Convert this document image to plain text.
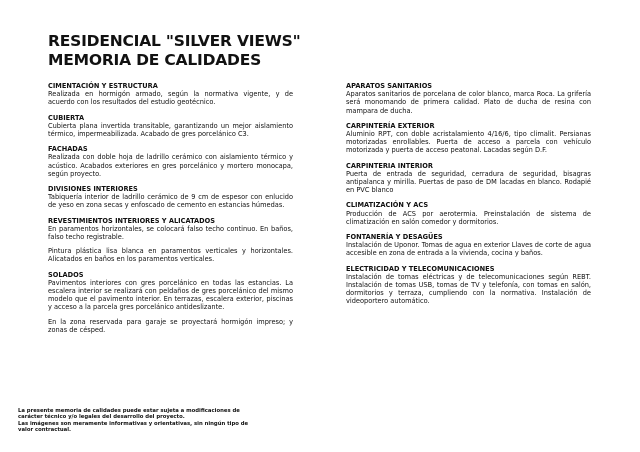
RESIDENCIAL "SILVER VIEWS"
MEMORIA DE CALIDADES
CIMENTACIÓN Y ESTRUCTURA

Realizada en hormigón armado, según la normativa vigente, y de acuerdo con los resultados del estudio geotécnico.

CUBIERTA

Cubierta plana invertida transitable, garantizando un mejor aislamiento térmico, impermeabilizada. Acabado de gres porcelánico C3.

FACHADAS

Realizada con doble hoja de ladrillo cerámico con aislamiento térmico y acústico. Acabados exteriores en gres porcelánico y mortero monocapa, según proyecto.

DIVISIONES INTERIORES

Tabiquería interior de ladrillo cerámico de 9 cm de espesor con enlucido de yeso en zona secas y enfoscado de cemento en estancias húmedas.

REVESTIMIENTOS INTERIORES Y ALICATADOS

En paramentos horizontales, se colocará falso techo continuo. En baños, falso techo registrable.

Pintura plástica lisa blanca en paramentos verticales y horizontales. Alicatados en baños en los paramentos verticales.

SOLADOS

Pavimentos interiores con gres porcelánico en todas las estancias. La escalera interior se realizará con peldaños de gres porcelánico del mismo modelo que el pavimento interior. En terrazas, escalera exterior, piscinas y acceso a la parcela gres porcelánico antideslizante.

En la zona reservada para garaje se proyectará hormigón impreso; y zonas de césped.

APARATOS SANITARIOS

Aparatos sanitarios de porcelana de color blanco, marca Roca. La grifería será monomando de primera calidad. Plato de ducha de resina con mampara de ducha.

CARPINTERÍA EXTERIOR

Aluminio RPT, con doble acristalamiento 4/16/6, tipo climalit. Persianas motorizadas enrollables. Puerta de acceso a parcela con vehículo motorizada y puerta de acceso peatonal. Lacadas según D.F.

CARPINTERIA INTERIOR

Puerta de entrada de seguridad, cerradura de seguridad, bisagras antipalanca y mirilla. Puertas de paso de DM lacadas en blanco. Rodapié en PVC blanco

CLIMATIZACIÓN Y ACS

Producción de ACS por aerotermia. Preinstalación de sistema de climatización en salón comedor y dormitorios.

FONTANERÍA Y DESAGÜES

Instalación de Uponor. Tomas de agua en exterior Llaves de corte de agua accesible en zona de entrada a la vivienda, cocina y baños.

ELECTRICIDAD Y TELECOMUNICACIONES

Instalación de tomas eléctricas y de telecomunicaciones según REBT. Instalación de tomas USB, tomas de TV y telefonía, con tomas en salón, dormitorios y terraza, cumpliendo con la normativa. Instalación de videoportero automático.

La presente memoria de calidades puede estar sujeta a modificaciones de carácter técnico y/o legales del desarrollo del proyecto.

Las imágenes son meramente informativas y orientativas, sin ningún tipo de valor contractual.
